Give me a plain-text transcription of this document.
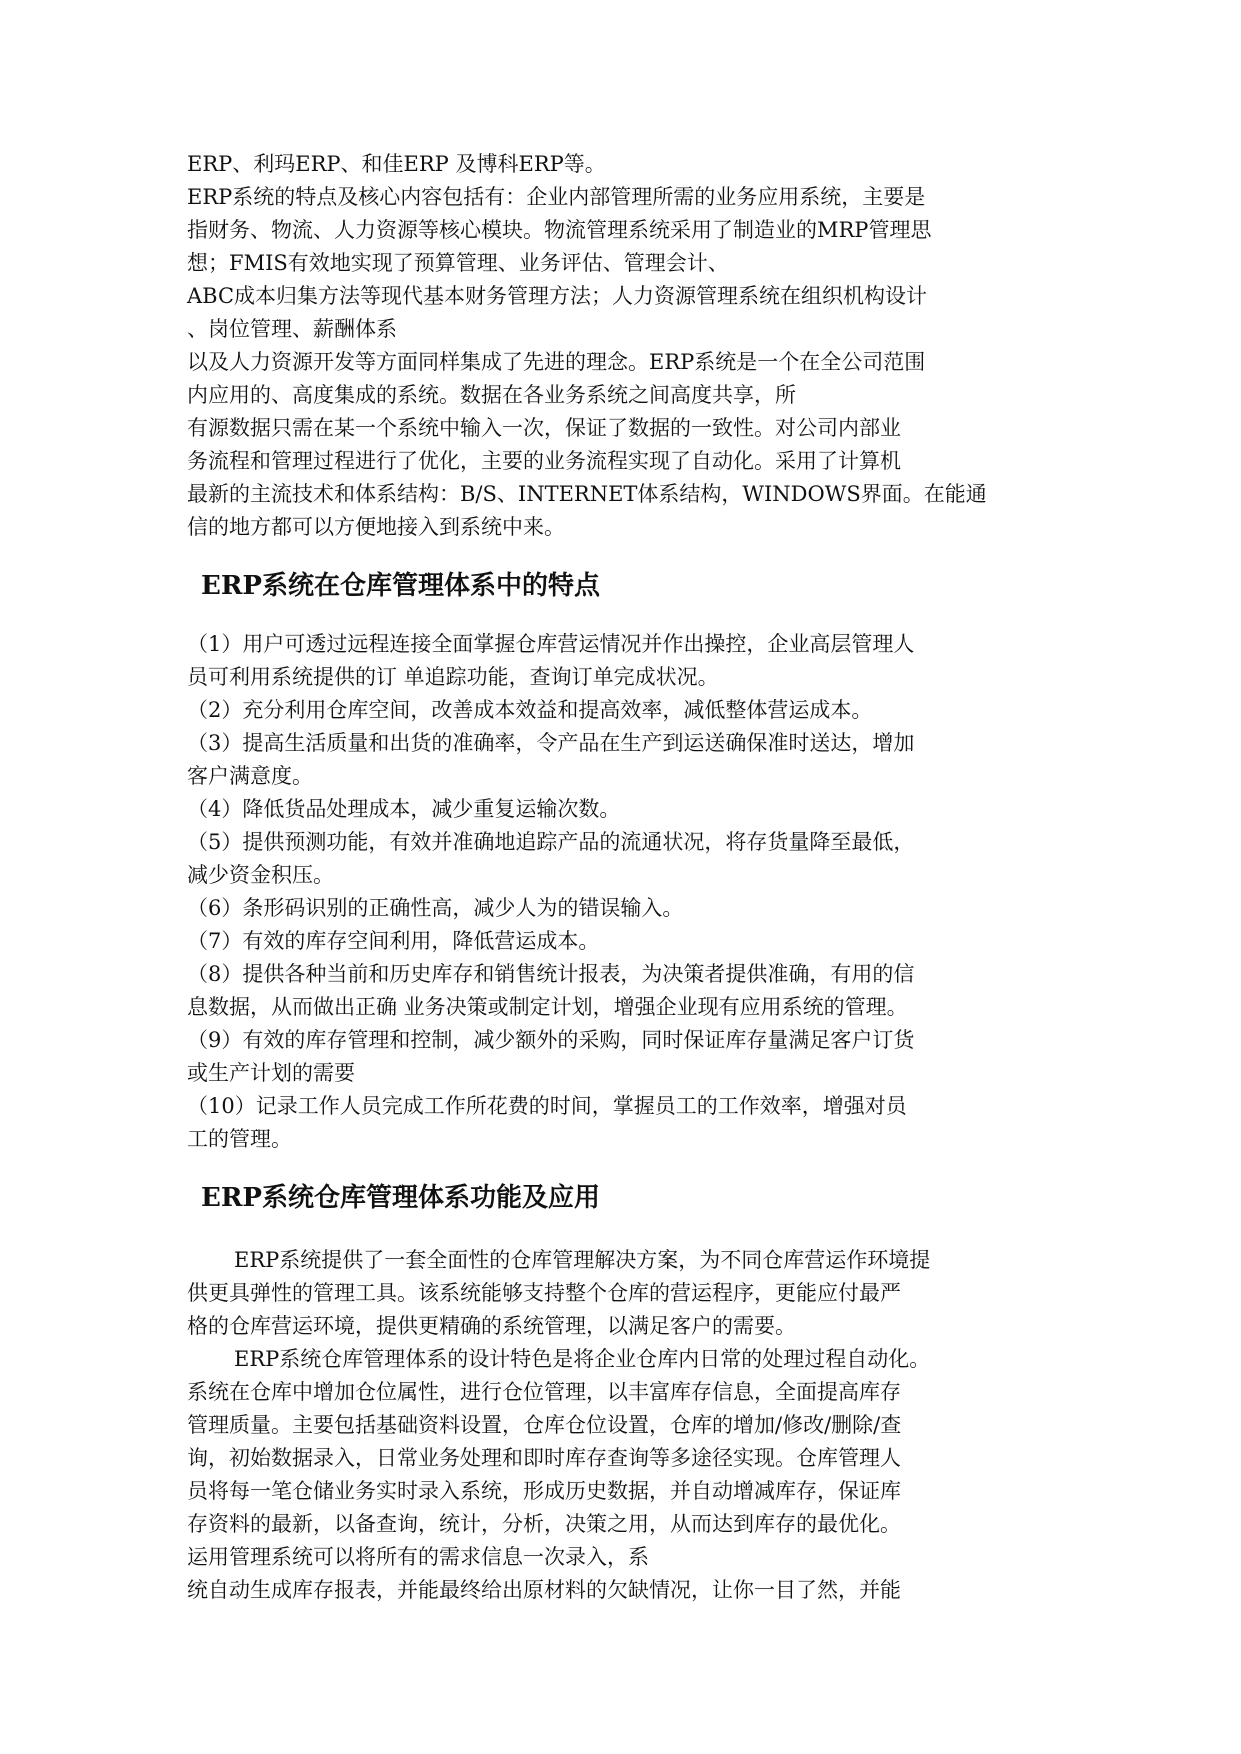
ERP、利玛ERP、和佳ERP 及博科ERP等。

ERP系统的特点及核心内容包括有：企业内部管理所需的业务应用系统，主要是

指财务、物流、人力资源等核心模块。物流管理系统采用了制造业的MRP管理思

想；FMIS有效地实现了预算管理、业务评估、管理会计、

ABC成本归集方法等现代基本财务管理方法；人力资源管理系统在组织机构设计

、岗位管理、薪酬体系

以及人力资源开发等方面同样集成了先进的理念。ERP系统是一个在全公司范围

内应用的、高度集成的系统。数据在各业务系统之间高度共享，所

有源数据只需在某一个系统中输入一次，保证了数据的一致性。对公司内部业

务流程和管理过程进行了优化，主要的业务流程实现了自动化。采用了计算机

最新的主流技术和体系结构：B/S、INTERNET体系结构，WINDOWS界面。在能通

信的地方都可以方便地接入到系统中来。

ERP系统在仓库管理体系中的特点

（1）用户可透过远程连接全面掌握仓库营运情况并作出操控，企业高层管理人

员可利用系统提供的订 单追踪功能，查询订单完成状况。

（2）充分利用仓库空间，改善成本效益和提高效率，减低整体营运成本。

（3）提高生活质量和出货的准确率，令产品在生产到运送确保准时送达，增加

客户满意度。

（4）降低货品处理成本，减少重复运输次数。

（5）提供预测功能，有效并准确地追踪产品的流通状况，将存货量降至最低，

减少资金积压。

（6）条形码识别的正确性高，减少人为的错误输入。

（7）有效的库存空间利用，降低营运成本。

（8）提供各种当前和历史库存和销售统计报表，为决策者提供准确，有用的信

息数据，从而做出正确 业务决策或制定计划，增强企业现有应用系统的管理。

（9）有效的库存管理和控制，减少额外的采购，同时保证库存量满足客户订货

或生产计划的需要

（10）记录工作人员完成工作所花费的时间，掌握员工的工作效率，增强对员

工的管理。

ERP系统仓库管理体系功能及应用

ERP系统提供了一套全面性的仓库管理解决方案，为不同仓库营运作环境提

供更具弹性的管理工具。该系统能够支持整个仓库的营运程序，更能应付最严

格的仓库营运环境，提供更精确的系统管理，以满足客户的需要。

ERP系统仓库管理体系的设计特色是将企业仓库内日常的处理过程自动化。

系统在仓库中增加仓位属性，进行仓位管理，以丰富库存信息，全面提高库存

管理质量。主要包括基础资料设置，仓库仓位设置，仓库的增加/修改/删除/查

询，初始数据录入，日常业务处理和即时库存查询等多途径实现。仓库管理人

员将每一笔仓储业务实时录入系统，形成历史数据，并自动增减库存，保证库

存资料的最新，以备查询，统计，分析，决策之用，从而达到库存的最优化。

运用管理系统可以将所有的需求信息一次录入，系

统自动生成库存报表，并能最终给出原材料的欠缺情况，让你一目了然，并能
